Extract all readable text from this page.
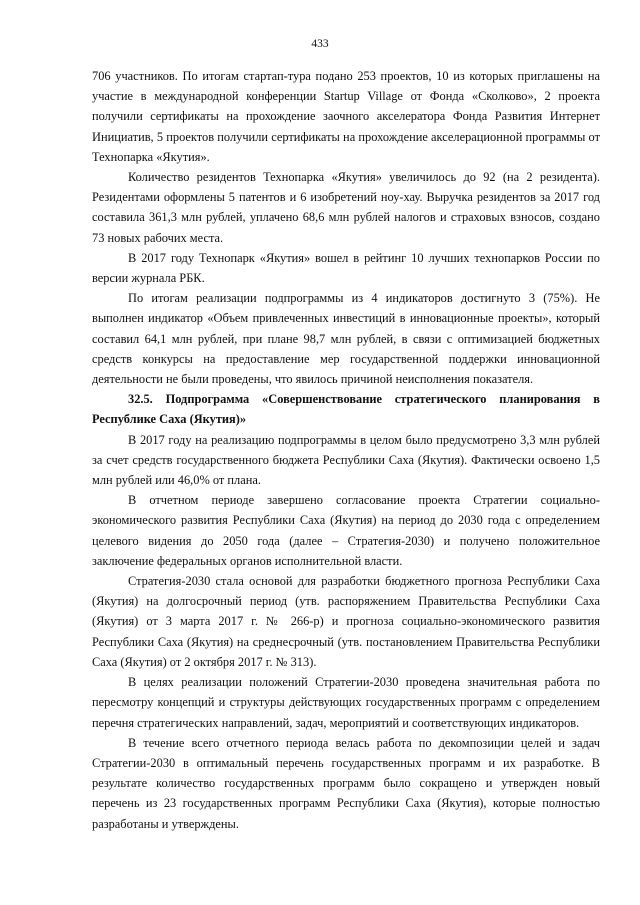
433

706 участников. По итогам стартап-тура подано 253 проектов, 10 из которых приглашены на участие в международной конференции Startup Village от Фонда «Сколково», 2 проекта получили сертификаты на прохождение заочного акселератора Фонда Развития Интернет Инициатив, 5 проектов получили сертификаты на прохождение акселерационной программы от Технопарка «Якутия».

Количество резидентов Технопарка «Якутия» увеличилось до 92 (на 2 резидента). Резидентами оформлены 5 патентов и 6 изобретений ноу-хау. Выручка резидентов за 2017 год составила 361,3 млн рублей, уплачено 68,6 млн рублей налогов и страховых взносов, создано 73 новых рабочих места.

В 2017 году Технопарк «Якутия» вошел в рейтинг 10 лучших технопарков России по версии журнала РБК.

По итогам реализации подпрограммы из 4 индикаторов достигнуто 3 (75%). Не выполнен индикатор «Объем привлеченных инвестиций в инновационные проекты», который составил 64,1 млн рублей, при плане 98,7 млн рублей, в связи с оптимизацией бюджетных средств конкурсы на предоставление мер государственной поддержки инновационной деятельности не были проведены, что явилось причиной неисполнения показателя.

32.5. Подпрограмма «Совершенствование стратегического планирования в Республике Саха (Якутия)»

В 2017 году на реализацию подпрограммы в целом было предусмотрено 3,3 млн рублей за счет средств государственного бюджета Республики Саха (Якутия). Фактически освоено 1,5 млн рублей или 46,0% от плана.

В отчетном периоде завершено согласование проекта Стратегии социально-экономического развития Республики Саха (Якутия) на период до 2030 года с определением целевого видения до 2050 года (далее – Стратегия-2030) и получено положительное заключение федеральных органов исполнительной власти.

Стратегия-2030 стала основой для разработки бюджетного прогноза Республики Саха (Якутия) на долгосрочный период (утв. распоряжением Правительства Республики Саха (Якутия) от 3 марта 2017 г. № 266-р) и прогноза социально-экономического развития Республики Саха (Якутия) на среднесрочный (утв. постановлением Правительства Республики Саха (Якутия) от 2 октября 2017 г. № 313).

В целях реализации положений Стратегии-2030 проведена значительная работа по пересмотру концепций и структуры действующих государственных программ с определением перечня стратегических направлений, задач, мероприятий и соответствующих индикаторов.

В течение всего отчетного периода велась работа по декомпозиции целей и задач Стратегии-2030 в оптимальный перечень государственных программ и их разработке. В результате количество государственных программ было сокращено и утвержден новый перечень из 23 государственных программ Республики Саха (Якутия), которые полностью разработаны и утверждены.
